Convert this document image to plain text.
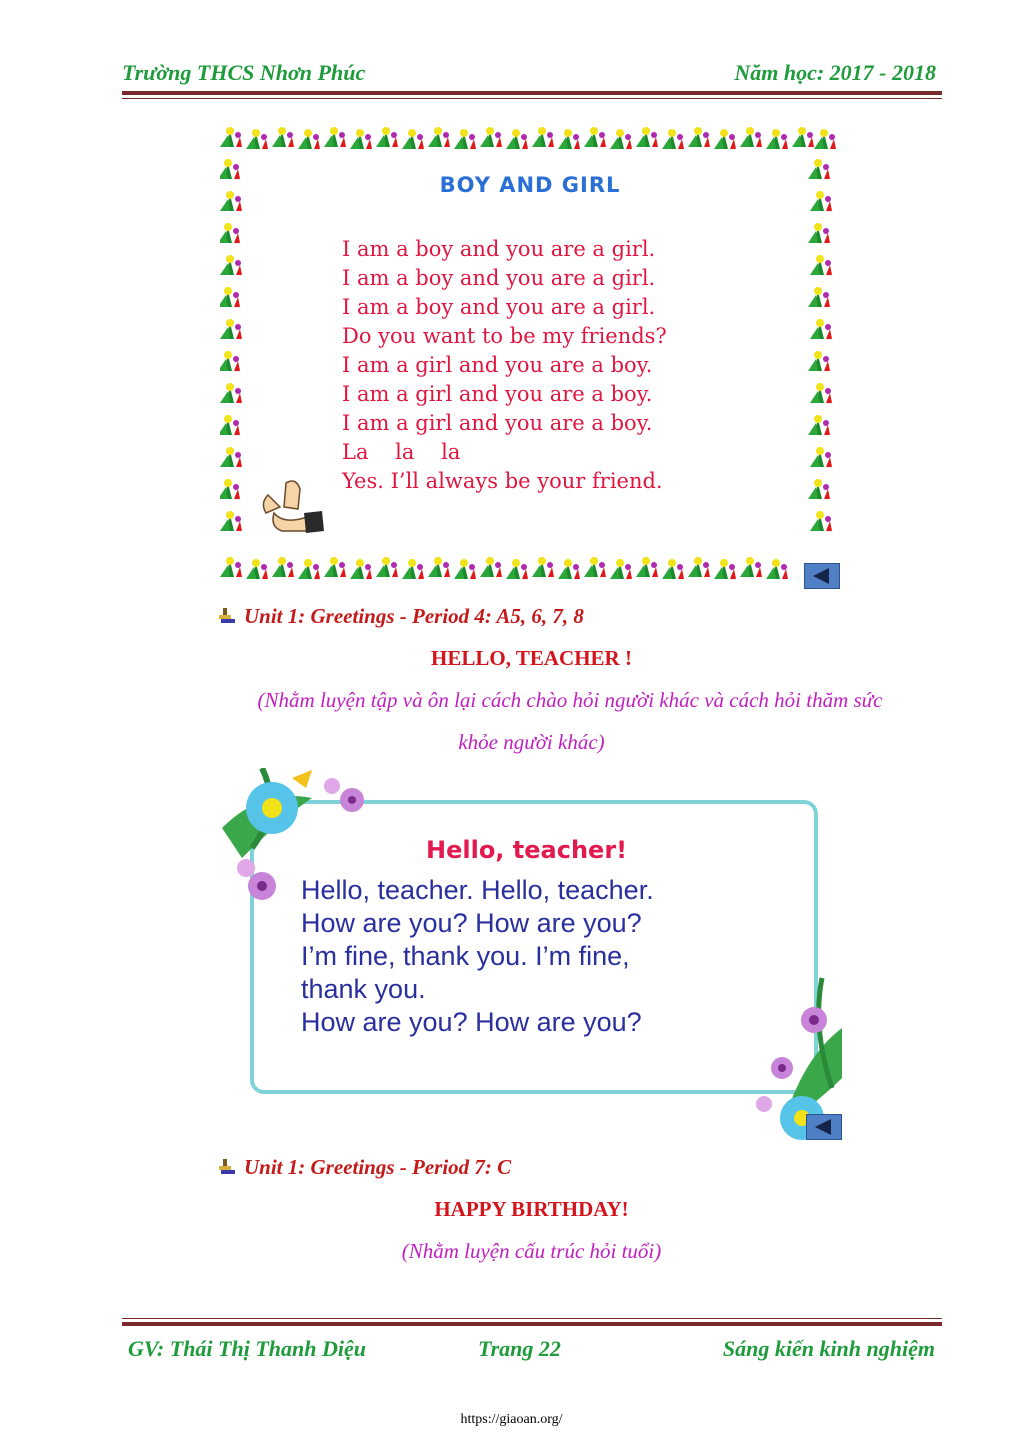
Trường THCS Nhơn Phúc	Năm học: 2017 - 2018
BOY AND GIRL
I am a boy and you are a girl.
I am a boy and you are a girl.
I am a boy and you are a girl.
Do you want to be my friends?
I am a girl and you are a boy.
I am a girl and you are a boy.
I am a girl and you are a boy.
La    la    la
Yes. I’ll always be your friend.
Unit 1: Greetings - Period 4: A5, 6, 7, 8
HELLO, TEACHER !
(Nhằm luyện tập và ôn lại cách chào hỏi người khác và cách hỏi thăm sức
khỏe người khác)
Hello, teacher!
Hello, teacher. Hello, teacher.
How are you? How are you?
I’m fine, thank you. I’m fine,
thank you.
How are you? How are you?
Unit 1: Greetings - Period 7: C
HAPPY BIRTHDAY!
(Nhằm luyện cấu trúc hỏi tuổi)
GV: Thái Thị Thanh Diệu	Trang 22	Sáng kiến kinh nghiệm
https://giaoan.org/
